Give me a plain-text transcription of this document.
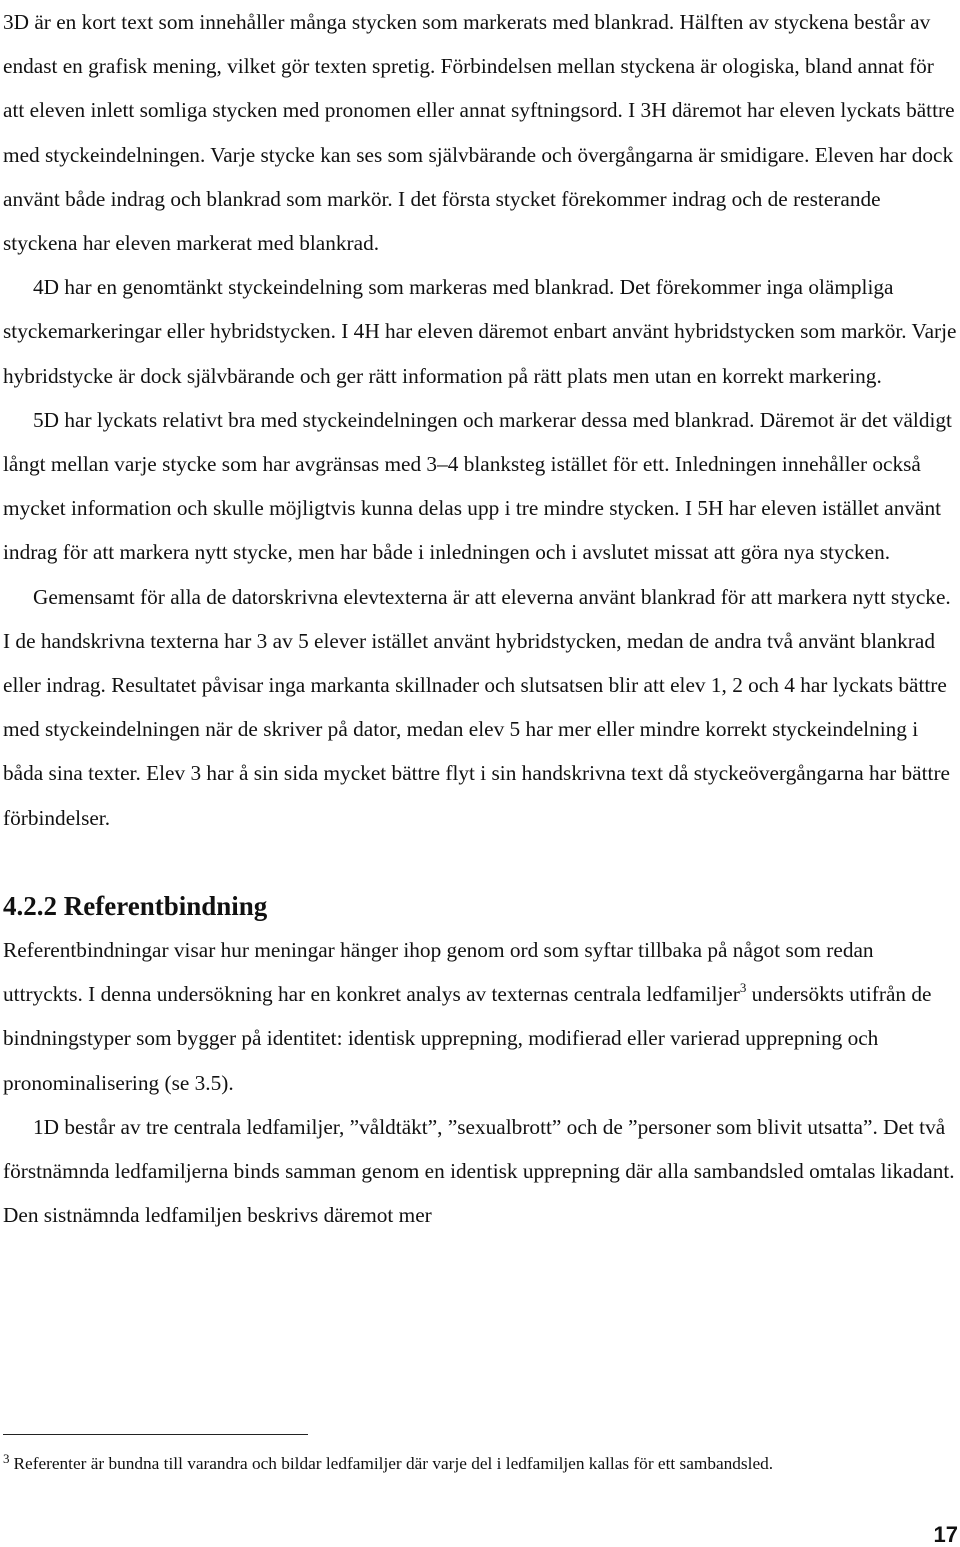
3D är en kort text som innehåller många stycken som markerats med blankrad. Hälften av styckena består av endast en grafisk mening, vilket gör texten spretig. Förbindelsen mellan styckena är ologiska, bland annat för att eleven inlett somliga stycken med pronomen eller annat syftningsord. I 3H däremot har eleven lyckats bättre med styckeindelningen. Varje stycke kan ses som självbärande och övergångarna är smidigare. Eleven har dock använt både indrag och blankrad som markör. I det första stycket förekommer indrag och de resterande styckena har eleven markerat med blankrad.

4D har en genomtänkt styckeindelning som markeras med blankrad. Det förekommer inga olämpliga styckemarkeringar eller hybridstycken. I 4H har eleven däremot enbart använt hybridstycken som markör. Varje hybridstycke är dock självbärande och ger rätt information på rätt plats men utan en korrekt markering.

5D har lyckats relativt bra med styckeindelningen och markerar dessa med blankrad. Däremot är det väldigt långt mellan varje stycke som har avgränsas med 3–4 blanksteg istället för ett. Inledningen innehåller också mycket information och skulle möjligtvis kunna delas upp i tre mindre stycken. I 5H har eleven istället använt indrag för att markera nytt stycke, men har både i inledningen och i avslutet missat att göra nya stycken.

Gemensamt för alla de datorskrivna elevtexterna är att eleverna använt blankrad för att markera nytt stycke. I de handskrivna texterna har 3 av 5 elever istället använt hybridstycken, medan de andra två använt blankrad eller indrag. Resultatet påvisar inga markanta skillnader och slutsatsen blir att elev 1, 2 och 4 har lyckats bättre med styckeindelningen när de skriver på dator, medan elev 5 har mer eller mindre korrekt styckeindelning i båda sina texter. Elev 3 har å sin sida mycket bättre flyt i sin handskrivna text då styckeövergångarna har bättre förbindelser.

4.2.2 Referentbindning

Referentbindningar visar hur meningar hänger ihop genom ord som syftar tillbaka på något som redan uttryckts. I denna undersökning har en konkret analys av texternas centrala ledfamiljer$^3$ undersökts utifrån de bindningstyper som bygger på identitet: identisk upprepning, modifierad eller varierad upprepning och pronominalisering (se 3.5).

1D består av tre centrala ledfamiljer, ”våldtäkt”, ”sexualbrott” och de ”personer som blivit utsatta”. Det två förstnämnda ledfamiljerna binds samman genom en identisk upprepning där alla sambandsled omtalas likadant. Den sistnämnda ledfamiljen beskrivs däremot mer

$^3$ Referenter är bundna till varandra och bildar ledfamiljer där varje del i ledfamiljen kallas för ett sambandsled.
17
